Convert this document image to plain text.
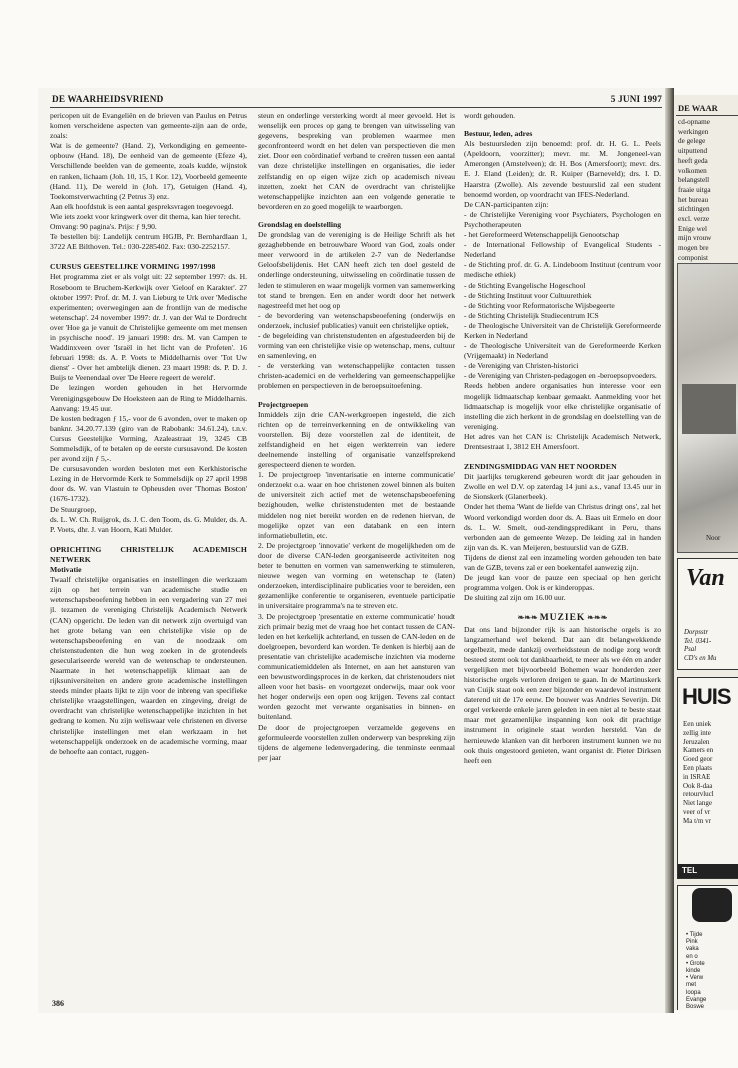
DE WAARHEIDSVRIEND	5 JUNI 1997

pericopen uit de Evangeliën en de brieven van Paulus en Petrus komen verscheidene aspecten van gemeente-zijn aan de orde, zoals:

Wat is de gemeente? (Hand. 2), Verkondiging en gemeente-opbouw (Hand. 18), De eenheid van de gemeente (Efeze 4), Verschillende beelden van de gemeente, zoals kudde, wijnstok en ranken, lichaam (Joh. 10, 15, 1 Kor. 12), Voorbeeld gemeente (Hand. 11), De wereld in (Joh. 17), Getuigen (Hand. 4), Toekomstverwachting (2 Petrus 3) enz.

Aan elk hoofdstuk is een aantal gespreksvragen toegevoegd.

Wie iets zoekt voor kringwerk over dit thema, kan hier terecht.

Omvang: 90 pagina's. Prijs: ƒ 9,90.

Te bestellen bij: Landelijk centrum HGJB, Pr. Bernhardlaan 1, 3722 AE Bilthoven. Tel.: 030-2285402. Fax: 030-2252157.

CURSUS GEESTELIJKE VORMING 1997/1998

Het programma ziet er als volgt uit: 22 september 1997: ds. H. Roseboom te Bruchem-Kerkwijk over 'Geloof en Karakter'. 27 oktober 1997: Prof. dr. M. J. van Lieburg te Urk over 'Medische experimenten; overwegingen aan de frontlijn van de medische wetenschap'. 24 november 1997: dr. J. van der Wal te Dordrecht over 'Hoe ga je vanuit de Christelijke gemeente om met mensen in psychische nood'. 19 januari 1998: drs. M. van Campen te Waddinxveen over 'Israël in het licht van de Profeten'. 16 februari 1998: ds. A. P. Voets te Middelharnis over 'Tot Uw dienst' - Over het ambtelijk dienen. 23 maart 1998: ds. P. D. J. Buijs te Veenendaal over 'De Heere regeert de wereld'.

De lezingen worden gehouden in het Hervormde Verenigingsgebouw De Hoeksteen aan de Ring te Middelharnis. Aanvang: 19.45 uur.

De kosten bedragen ƒ 15,- voor de 6 avonden, over te maken op banknr. 34.20.77.139 (giro van de Rabobank: 34.61.24), t.n.v. Cursus Geestelijke Vorming, Azaleastraat 19, 3245 CB Sommelsdijk, of te betalen op de eerste cursusavond. De kosten per avond zijn ƒ 5,-.

De cursusavonden worden besloten met een Kerkhistorische Lezing in de Hervormde Kerk te Sommelsdijk op 27 april 1998 door ds. W. van Vlastuin te Opheusden over 'Thomas Boston' (1676-1732).

De Stuurgroep,

ds. L. W. Ch. Ruijgrok, ds. J. C. den Toom, ds. G. Mulder, ds. A. P. Voets, dhr. J. van Hoorn, Kati Mulder.

OPRICHTING CHRISTELIJK ACADEMISCH NETWERK
Motivatie

Twaalf christelijke organisaties en instellingen die werkzaam zijn op het terrein van academische studie en wetenschapsbeoefening hebben in een vergadering van 27 mei jl. tezamen de vereniging Christelijk Academisch Netwerk (CAN) opgericht. De leden van dit netwerk zijn overtuigd van het grote belang van een christelijke visie op de wetenschapsbeoefening en van de noodzaak om christenstudenten die hun weg zoeken in de grotendeels geseculariseerde wereld van de wetenschap te ondersteunen. Naarmate in het wetenschappelijk klimaat aan de rijksuniversiteiten en andere grote academische instellingen steeds minder plaats lijkt te zijn voor de inbreng van specifieke christelijke vraagstellingen, waarden en zingeving, dreigt de overdracht van christelijke wetenschappelijke inzichten in het gedrang te komen. Nu zijn weliswaar vele christenen en diverse christelijke instellingen met elan werkzaam in het wetenschappelijk onderzoek en de academische vorming, maar de behoefte aan contact, ruggen-

steun en onderlinge versterking wordt al meer gevoeld. Het is wenselijk een proces op gang te brengen van uitwisseling van gegevens, bespreking van problemen waarmee men geconfronteerd wordt en het delen van perspectieven die men ziet. Door een coördinatief verband te creëren tussen een aantal van deze christelijke instellingen en organisaties, die ieder zelfstandig en op eigen wijze zich op academisch niveau inzetten, zoekt het CAN de overdracht van christelijke wetenschappelijke inzichten aan een volgende generatie te bevorderen en zo goed mogelijk te waarborgen.

Grondslag en doelstelling

De grondslag van de vereniging is de Heilige Schrift als het gezaghebbende en betrouwbare Woord van God, zoals onder meer verwoord in de artikelen 2-7 van de Nederlandse Geloofsbelijdenis. Het CAN heeft zich ten doel gesteld de onderlinge ondersteuning, uitwisseling en coördinatie tussen de leden te stimuleren en waar mogelijk vormen van samenwerking tot stand te brengen. Een en ander wordt door het netwerk nagestreefd met het oog op

- de bevordering van wetenschapsbeoefening (onderwijs en onderzoek, inclusief publicaties) vanuit een christelijke optiek,

- de begeleiding van christenstudenten en afgestudeerden bij de vorming van een christelijke visie op wetenschap, mens, cultuur en samenleving, en

- de versterking van wetenschappelijke contacten tussen christen-academici en de verheldering van gemeenschappelijke problemen en perspectieven in de beroepsuitoefening.

Projectgroepen

Inmiddels zijn drie CAN-werkgroepen ingesteld, die zich richten op de terreinverkenning en de ontwikkeling van voorstellen. Bij deze voorstellen zal de identiteit, de zelfstandigheid en het eigen werkterrein van iedere deelnemende instelling of organisatie vanzelfsprekend gerespecteerd dienen te worden.

1. De projectgroep 'inventarisatie en interne communicatie' onderzoekt o.a. waar en hoe christenen zowel binnen als buiten de universiteit zich actief met de wetenschapsbeoefening bezighouden, welke christenstudenten met de bestaande middelen nog niet bereikt worden en de redenen hiervan, de mogelijke opzet van een databank en een intern informatiebulletin, etc.

2. De projectgroep 'innovatie' verkent de mogelijkheden om de door de diverse CAN-leden georganiseerde activiteiten nog beter te benutten en vormen van samenwerking te stimuleren, nieuwe wegen van vorming en wetenschap te (laten) onderzoeken, interdisciplinaire publicaties voor te bereiden, een gezamenlijke conferentie te organiseren, eventuele participatie in universitaire programma's na te streven etc.

3. De projectgroep 'presentatie en externe communicatie' houdt zich primair bezig met de vraag hoe het contact tussen de CAN-leden en het kerkelijk achterland, en tussen de CAN-leden en de doelgroepen, bevorderd kan worden. Te denken is hierbij aan de presentatie van christelijke academische inzichten via moderne communicatiemiddelen als Internet, en aan het aansturen van een bewustwordingsproces in de kerken, dat christenouders niet alleen voor het basis- en voortgezet onderwijs, maar ook voor het hoger onderwijs een open oog krijgen. Tevens zal contact worden gezocht met verwante organisaties in binnen- en buitenland.

De door de projectgroepen verzamelde gegevens en geformuleerde voorstellen zullen onderwerp van bespreking zijn tijdens de algemene ledenvergadering, die tenminste eenmaal per jaar

wordt gehouden.

Bestuur, leden, adres

Als bestuursleden zijn benoemd: prof. dr. H. G. L. Peels (Apeldoorn, voorzitter); mevr. mr. M. Jongeneel-van Amerongen (Amstelveen); dr. H. Bos (Amersfoort); mevr. drs. E. J. Eland (Leiden); dr. R. Kuiper (Barneveld); drs. I. D. Haarstra (Zwolle). Als zevende bestuurslid zal een student benoemd worden, op voordracht van IFES-Nederland.

De CAN-participanten zijn:

- de Christelijke Vereniging voor Psychiaters, Psychologen en Psychotherapeuten

- het Gereformeerd Wetenschappelijk Genootschap

- de International Fellowship of Evangelical Students - Nederland

- de Stichting prof. dr. G. A. Lindeboom Instituut (centrum voor medische ethiek)

- de Stichting Evangelische Hogeschool

- de Stichting Instituut voor Cultuurethiek

- de Stichting voor Reformatorische Wijsbegeerte

- de Stichting Christelijk Studiecentrum ICS

- de Theologische Universiteit van de Christelijk Gereformeerde Kerken in Nederland

- de Theologische Universiteit van de Gereformeerde Kerken (Vrijgemaakt) in Nederland

- de Vereniging van Christen-historici

- de Vereniging van Christen-pedagogen en -beroepsopvoeders.

Reeds hebben andere organisaties hun interesse voor een mogelijk lidmaatschap kenbaar gemaakt. Aanmelding voor het lidmaatschap is mogelijk voor elke christelijke organisatie of instelling die zich herkent in de grondslag en doelstelling van de vereniging.

Het adres van het CAN is: Christelijk Academisch Netwerk, Drentsestraat 1, 3812 EH Amersfoort.

ZENDINGSMIDDAG VAN HET NOORDEN

Dit jaarlijks terugkerend gebeuren wordt dit jaar gehouden in Zwolle en wel D.V. op zaterdag 14 juni a.s., vanaf 13.45 uur in de Sionskerk (Glanerbeek).

Onder het thema 'Want de liefde van Christus dringt ons', zal het Woord verkondigd worden door ds. A. Baas uit Ermelo en door ds. L. W. Smelt, oud-zendingspredikant in Peru, thans verbonden aan de gemeente Wezep. De leiding zal in handen zijn van ds. K. van Meijeren, bestuurslid van de GZB.

Tijdens de dienst zal een inzameling worden gehouden ten bate van de GZB, tevens zal er een boekentafel aanwezig zijn.

De jeugd kan voor de pauze een speciaal op hen gericht programma volgen. Ook is er kinderoppas.

De sluiting zal zijn om 16.00 uur.

❧❧❧ MUZIEK ❧❧❧

Dat ons land bijzonder rijk is aan historische orgels is zo langzamerhand wel bekend. Dat aan dit belangwekkende orgelbezit, mede dankzij overheidssteun de nodige zorg wordt besteed stemt ook tot dankbaarheid, te meer als we één en ander vergelijken met bijvoorbeeld Bohemen waar honderden zeer historische orgels verloren dreigen te gaan. In de Martinuskerk van Cuijk staat ook een zeer bijzonder en waardevol instrument daterend uit de 17e eeuw. De bouwer was Andries Severijn. Dit orgel verkeerde enkele jaren geleden in een niet al te beste staat maar met gezamenlijke inspanning kon ook dit prachtige instrument in originele staat worden hersteld. Van de hernieuwde klanken van dit herboren instrument kunnen we nu ook thuis ongestoord genieten, want organist dr. Pieter Dirksen heeft een

386
DE WAAR
cd-opname
werkingen
de gelege
uitputtend
heeft geda
volkomen
belangstell
fraaie uitga
het bureau
stichtingen
excl. verze
Enige wel
mijn vrouw
mogen bre
componist
Noor
Van
Dorpsstr
Tel. 0341-
Psal
CD's en Mu
HUIS
Een uniek
zellig inte
Jeruzalen
Kamers en
Goed geor
Een plaats
in ISRAE
Ook 8-daa
retourvlucl
Niet lange
veer of vr
Ma t/m vr
TEL
• Tijde
Pink
vaka
en o
• Grote
kinde
• Verw
met
loopa
Evange
Boswe
